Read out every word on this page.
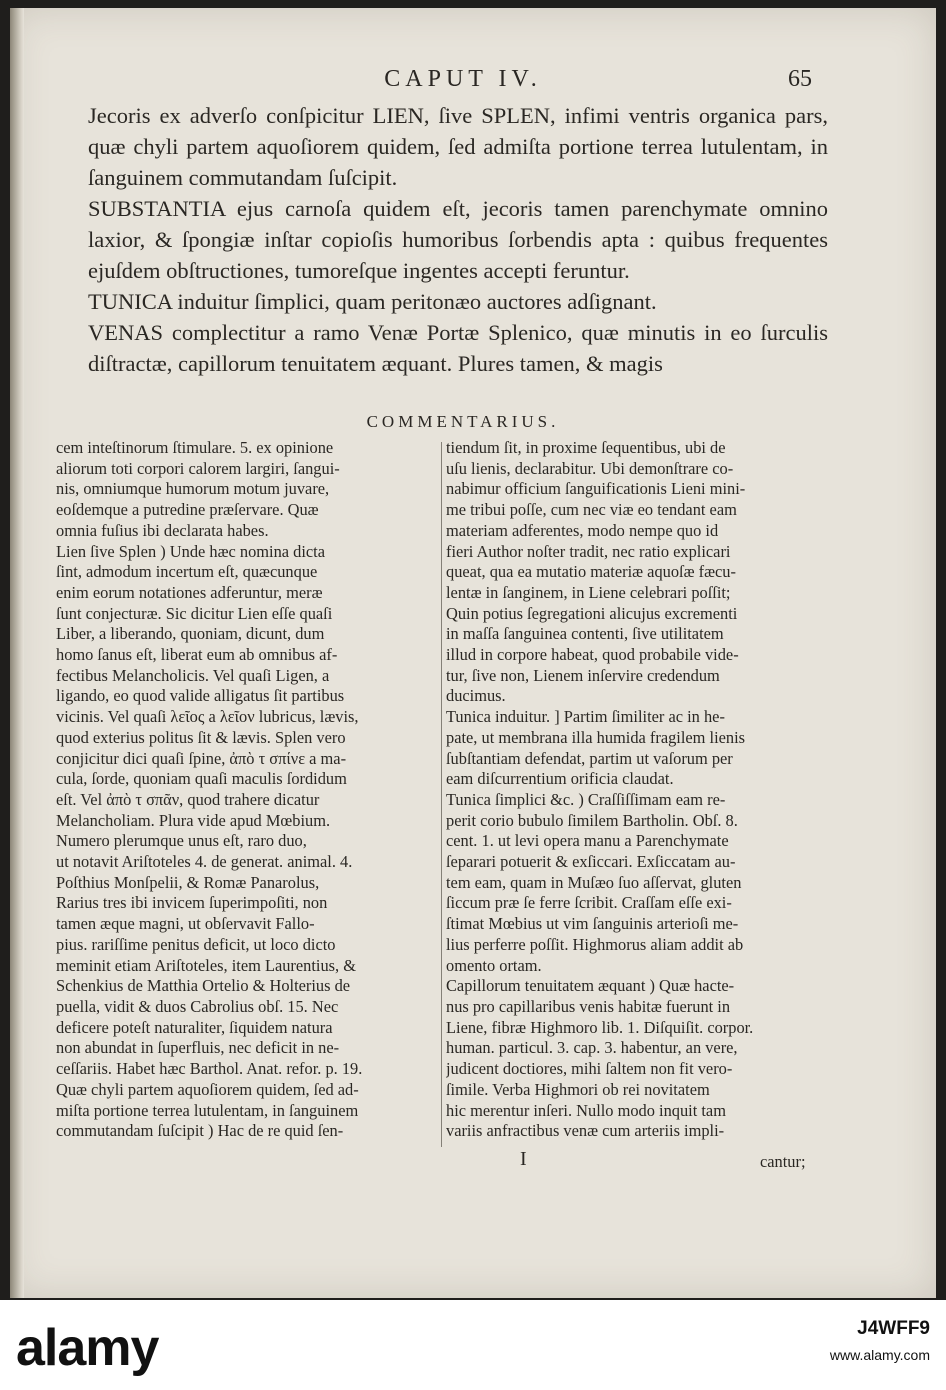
CAPUT IV.	65

Jecoris ex adverſo conſpicitur LIEN, ſive SPLEN, infimi ventris organica pars, quæ chyli partem aquoſiorem quidem, ſed admiſta portione terrea lutulentam, in ſanguinem commutandam ſuſcipit.

SUBSTANTIA ejus carnoſa quidem eſt, jecoris tamen parenchymate omnino laxior, & ſpongiæ inſtar copioſis humoribus ſorbendis apta : quibus frequentes ejuſdem obſtructiones, tumoreſque ingentes accepti feruntur.

TUNICA induitur ſimplici, quam peritonæo auctores adſignant.

VENAS complectitur a ramo Venæ Portæ Splenico, quæ minutis in eo ſurculis diſtractæ, capillorum tenuitatem æquant. Plures tamen, & magis

COMMENTARIUS.
cem inteſtinorum ſtimulare. 5. ex opinione
aliorum toti corpori calorem largiri, ſangui-
nis, omniumque humorum motum juvare,
eoſdemque a putredine præſervare. Quæ
omnia fuſius ibi declarata habes.
Lien ſive Splen ) Unde hæc nomina dicta
ſint, admodum incertum eſt, quæcunque
enim eorum notationes adferuntur, meræ
ſunt conjecturæ. Sic dicitur Lien eſſe quaſi
Liber, a liberando, quoniam, dicunt, dum
homo ſanus eſt, liberat eum ab omnibus af-
fectibus Melancholicis. Vel quaſi Ligen, a
ligando, eo quod valide alligatus ſit partibus
vicinis. Vel quaſi λεῖος a λεῖον lubricus, lævis,
quod exterius politus ſit & lævis. Splen vero
conjicitur dici quaſi ſpine, ἀπὸ τ σπίνε a ma-
cula, ſorde, quoniam quaſi maculis ſordidum
eſt. Vel ἀπὸ τ σπᾶν, quod trahere dicatur
Melancholiam. Plura vide apud Mœbium.
Numero plerumque unus eſt, raro duo,
ut notavit Ariſtoteles 4. de generat. animal. 4.
Poſthius Monſpelii, & Romæ Panarolus,
Rarius tres ibi invicem ſuperimpoſiti, non
tamen æque magni, ut obſervavit Fallo-
pius. rariſſime penitus deficit, ut loco dicto
meminit etiam Ariſtoteles, item Laurentius, &
Schenkius de Matthia Ortelio & Holterius de
puella, vidit & duos Cabrolius obſ. 15. Nec
deficere poteſt naturaliter, ſiquidem natura
non abundat in ſuperfluis, nec deficit in ne-
ceſſariis. Habet hæc Barthol. Anat. refor. p. 19.
Quæ chyli partem aquoſiorem quidem, ſed ad-
miſta portione terrea lutulentam, in ſanguinem
commutandam ſuſcipit ) Hac de re quid ſen-
tiendum ſit, in proxime ſequentibus, ubi de
uſu lienis, declarabitur. Ubi demonſtrare co-
nabimur officium ſanguificationis Lieni mini-
me tribui poſſe, cum nec viæ eo tendant eam
materiam adferentes, modo nempe quo id
fieri Author noſter tradit, nec ratio explicari
queat, qua ea mutatio materiæ aquoſæ fæcu-
lentæ in ſanginem, in Liene celebrari poſſit;
Quin potius ſegregationi alicujus excrementi
in maſſa ſanguinea contenti, ſive utilitatem
illud in corpore habeat, quod probabile vide-
tur, ſive non, Lienem inſervire credendum
ducimus.
Tunica induitur. ] Partim ſimiliter ac in he-
pate, ut membrana illa humida fragilem lienis
ſubſtantiam defendat, partim ut vaſorum per
eam diſcurrentium orificia claudat.
Tunica ſimplici &c. ) Craſſiſſimam eam re-
perit corio bubulo ſimilem Bartholin. Obſ. 8.
cent. 1. ut levi opera manu a Parenchymate
ſeparari potuerit & exſiccari. Exſiccatam au-
tem eam, quam in Muſæo ſuo aſſervat, gluten
ſiccum præ ſe ferre ſcribit. Craſſam eſſe exi-
ſtimat Mœbius ut vim ſanguinis arterioſi me-
lius perferre poſſit. Highmorus aliam addit ab
omento ortam.
Capillorum tenuitatem æquant ) Quæ hacte-
nus pro capillaribus venis habitæ fuerunt in
Liene, fibræ Highmoro lib. 1. Diſquiſit. corpor.
human. particul. 3. cap. 3. habentur, an vere,
judicent doctiores, mihi ſaltem non fit vero-
ſimile. Verba Highmori ob rei novitatem
hic merentur inſeri. Nullo modo inquit tam
variis anfractibus venæ cum arteriis impli-
I	cantur;
alamy	J4WFF9
www.alamy.com
